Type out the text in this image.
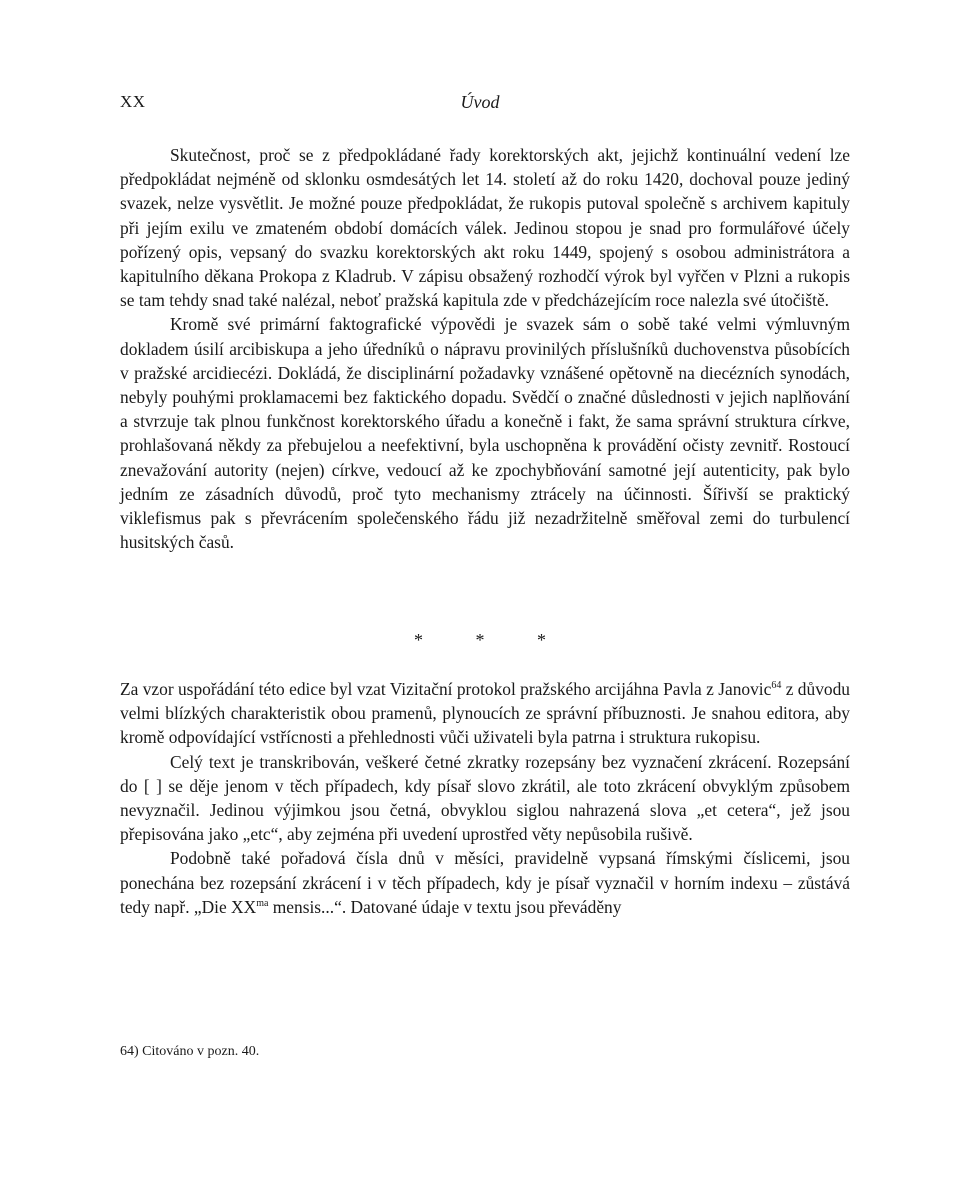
XX	Úvod

Skutečnost, proč se z předpokládané řady korektorských akt, jejichž kontinuální vedení lze předpokládat nejméně od sklonku osmdesátých let 14. století až do roku 1420, dochoval pouze jediný svazek, nelze vysvětlit. Je možné pouze předpokládat, že rukopis putoval společně s archivem kapituly při jejím exilu ve zmateném období domácích válek. Jedinou stopou je snad pro formulářové účely pořízený opis, vepsaný do svazku korektorských akt roku 1449, spojený s osobou administrátora a kapitulního děkana Prokopa z Kladrub. V zápisu obsažený rozhodčí výrok byl vyřčen v Plzni a rukopis se tam tehdy snad také nalézal, neboť pražská kapitula zde v předcházejícím roce nalezla své útočiště.

Kromě své primární faktografické výpovědi je svazek sám o sobě také velmi výmluvným dokladem úsilí arcibiskupa a jeho úředníků o nápravu provinilých příslušníků duchovenstva působících v pražské arcidiecézi. Dokládá, že disciplinární požadavky vznášené opětovně na diecézních synodách, nebyly pouhými proklamacemi bez faktického dopadu. Svědčí o značné důslednosti v jejich naplňování a stvrzuje tak plnou funkčnost korektorského úřadu a konečně i fakt, že sama správní struktura církve, prohlašovaná někdy za přebujelou a neefektivní, byla uschopněna k provádění očisty zevnitř. Rostoucí znevažování autority (nejen) církve, vedoucí až ke zpochybňování samotné její autenticity, pak bylo jedním ze zásadních důvodů, proč tyto mechanismy ztrácely na účinnosti. Šířivší se praktický viklefismus pak s převrácením společenského řádu již nezadržitelně směřoval zemi do turbulencí husitských časů.

* * *

Za vzor uspořádání této edice byl vzat Vizitační protokol pražského arcijáhna Pavla z Janovic$^{64}$ z důvodu velmi blízkých charakteristik obou pramenů, plynoucích ze správní příbuznosti. Je snahou editora, aby kromě odpovídající vstřícnosti a přehlednosti vůči uživateli byla patrna i struktura rukopisu.

Celý text je transkribován, veškeré četné zkratky rozepsány bez vyznačení zkrácení. Rozepsání do [ ] se děje jenom v těch případech, kdy písař slovo zkrátil, ale toto zkrácení obvyklým způsobem nevyznačil. Jedinou výjimkou jsou četná, obvyklou siglou nahrazená slova „et cetera“, jež jsou přepisována jako „etc“, aby zejména při uvedení uprostřed věty nepůsobila rušivě.

Podobně také pořadová čísla dnů v měsíci, pravidelně vypsaná římskými číslicemi, jsou ponechána bez rozepsání zkrácení i v těch případech, kdy je písař vyznačil v horním indexu – zůstává tedy např. „Die $XX^{ma}$ mensis...“. Datované údaje v textu jsou převáděny

64) Citováno v pozn. 40.
